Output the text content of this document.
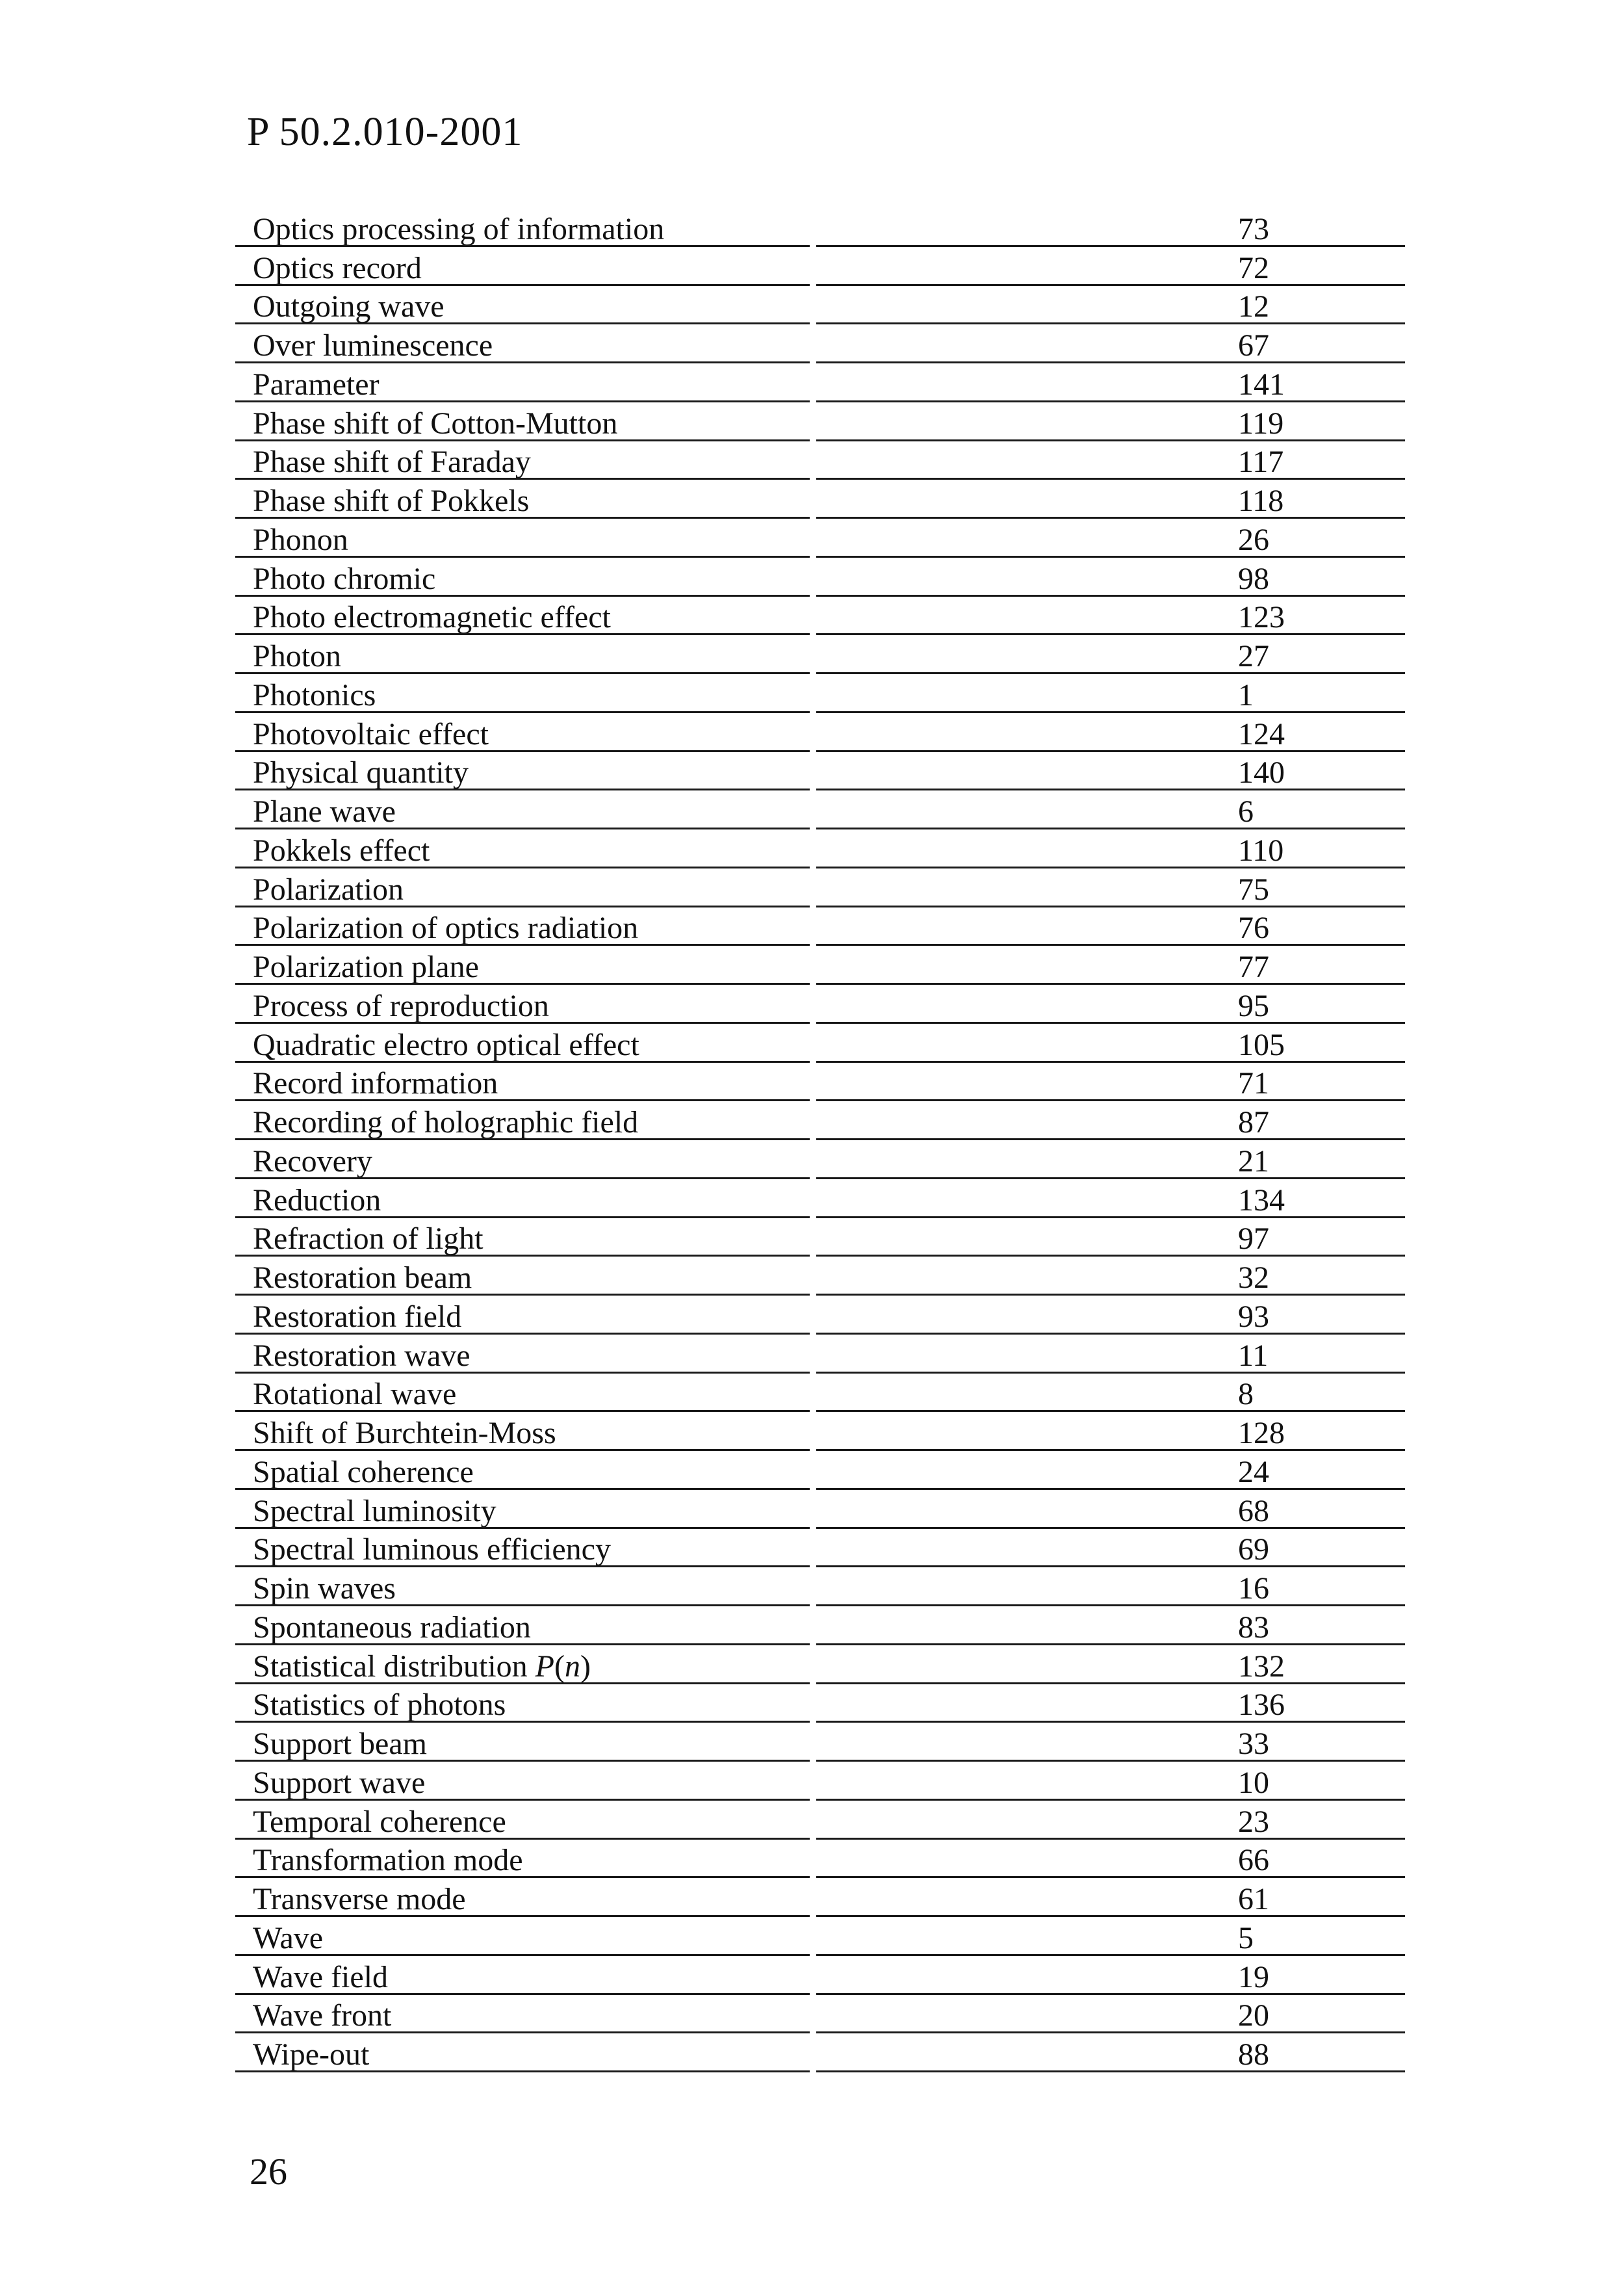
P 50.2.010-2001
Optics processing of information	73
Optics record	72
Outgoing wave	12
Over luminescence	67
Parameter	141
Phase shift of Cotton-Mutton	119
Phase shift of Faraday	117
Phase shift of Pokkels	118
Phonon	26
Photo chromic	98
Photo electromagnetic effect	123
Photon	27
Photonics	1
Photovoltaic effect	124
Physical quantity	140
Plane wave	6
Pokkels effect	110
Polarization	75
Polarization of optics radiation	76
Polarization plane	77
Process of reproduction	95
Quadratic electro optical effect	105
Record information	71
Recording of holographic field	87
Recovery	21
Reduction	134
Refraction of light	97
Restoration beam	32
Restoration field	93
Restoration wave	11
Rotational wave	8
Shift of Burchtein-Moss	128
Spatial coherence	24
Spectral luminosity	68
Spectral luminous efficiency	69
Spin waves	16
Spontaneous radiation	83
Statistical distribution P(n)	132
Statistics of photons	136
Support beam	33
Support wave	10
Temporal coherence	23
Transformation mode	66
Transverse mode	61
Wave	5
Wave field	19
Wave front	20
Wipe-out	88
26
